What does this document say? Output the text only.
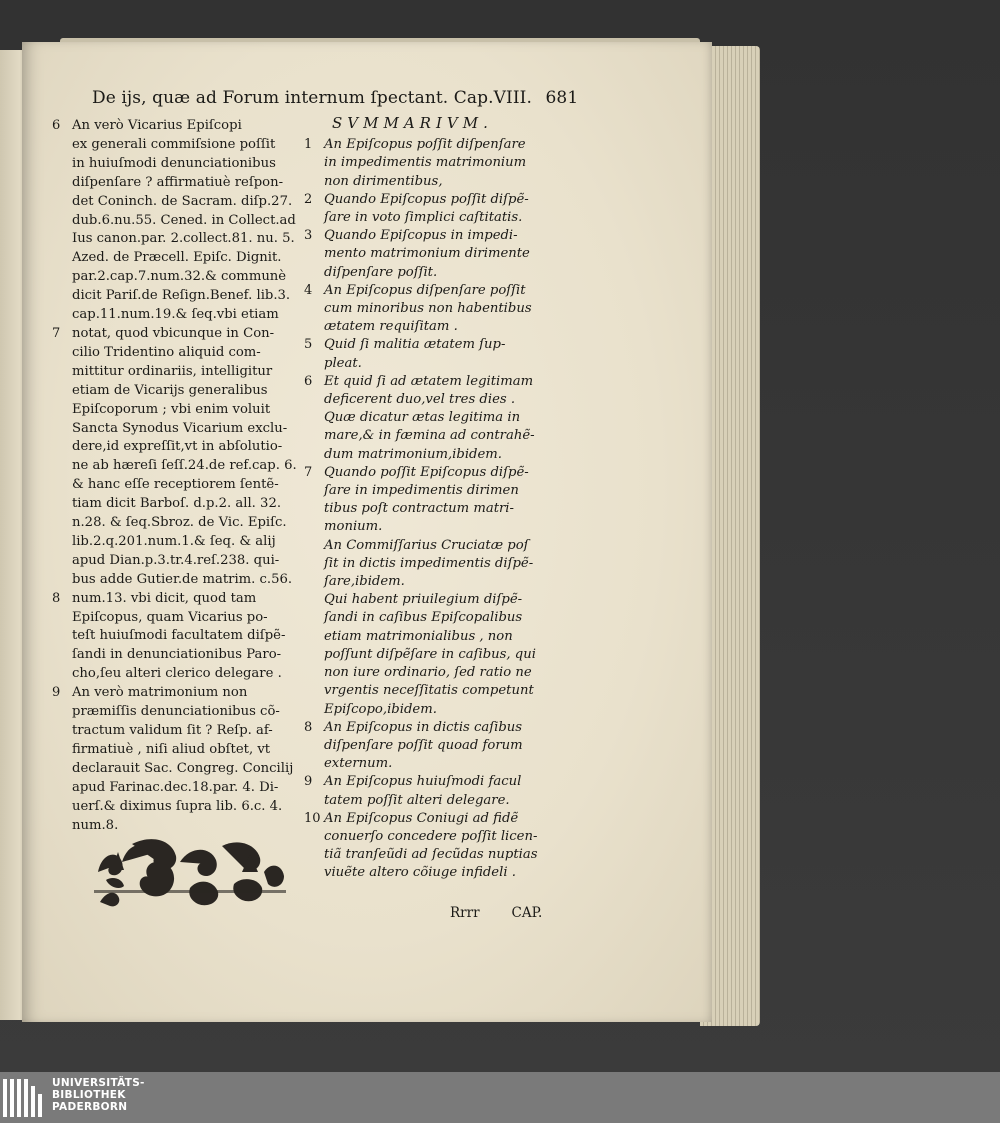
De ijs, quæ ad Forum internum ſpectant. Cap.VIII. 681
6 An verò Vicarius Epiſcopi
ex generali commiſsione poſſit
in huiuſmodi denunciationibus
diſpenſare ? affirmatiuè reſpon-
det Coninch. de Sacram. diſp.27.
dub.6.nu.55. Cened. in Collect.ad
Ius canon.par. 2.collect.81. nu. 5.
Azed. de Præcell. Epiſc. Dignit.
par.2.cap.7.num.32.& communè
dicit Pariſ.de Reſign.Benef. lib.3.
cap.11.num.19.& ſeq.vbi etiam
7 notat, quod vbicunque in Con-
cilio Tridentino aliquid com-
mittitur ordinariis, intelligitur
etiam de Vicarijs generalibus
Epiſcoporum ; vbi enim voluit
Sancta Synodus Vicarium exclu-
dere,id expreſſit,vt in abſolutio-
ne ab hæreſi ſeſſ.24.de ref.cap. 6.
& hanc eſſe receptiorem ſentẽ-
tiam dicit Barboſ. d.p.2. all. 32.
n.28. & ſeq.Sbroz. de Vic. Epiſc.
lib.2.q.201.num.1.& ſeq. & alij
apud Dian.p.3.tr.4.reſ.238. qui-
bus adde Gutier.de matrim. c.56.
8 num.13. vbi dicit, quod tam
Epiſcopus, quam Vicarius po-
teſt huiuſmodi facultatem diſpẽ-
ſandi in denunciationibus Paro-
cho,ſeu alteri clerico delegare .
9 An verò matrimonium non
præmiſſis denunciationibus cõ-
tractum validum ſit ? Reſp. af-
firmatiuè , niſi aliud obſtet, vt
declarauit Sac. Congreg. Concilij
apud Farinac.dec.18.par. 4. Di-
uerſ.& diximus ſupra lib. 6.c. 4.
num.8.
SVMMARIVM.
1 An Epiſcopus poſſit diſpenſare
in impedimentis matrimonium
non dirimentibus,
2 Quando Epiſcopus poſſit diſpẽ-
ſare in voto ſimplici caſtitatis.
3 Quando Epiſcopus in impedi-
mento matrimonium dirimente
diſpenſare poſſit.
4 An Epiſcopus diſpenſare poſſit
cum minoribus non habentibus
ætatem requiſitam .
5 Quid ſi malitia ætatem ſup-
pleat.
6 Et quid ſi ad ætatem legitimam
deficerent duo,vel tres dies .
Quæ dicatur ætas legitima in
mare,& in fæmina ad contrahẽ-
dum matrimonium,ibidem.
7 Quando poſſit Epiſcopus diſpẽ-
ſare in impedimentis dirimen
tibus poſt contractum matri-
monium.
An Commiſſarius Cruciatæ poſ
ſit in dictis impedimentis diſpẽ-
ſare,ibidem.
Qui habent priuilegium diſpẽ-
ſandi in caſibus Epiſcopalibus
etiam matrimonialibus , non
poſſunt diſpẽſare in caſibus, qui
non iure ordinario, ſed ratio ne
vrgentis neceſſitatis competunt
Epiſcopo,ibidem.
8 An Epiſcopus in dictis caſibus
diſpenſare poſſit quoad forum
externum.
9 An Epiſcopus huiuſmodi facul
tatem poſſit alteri delegare.
10 An Epiſcopus Coniugi ad fidẽ
conuerſo concedere poſſit licen-
tiã tranſeũdi ad ſecũdas nuptias
viuẽte altero cõiuge infideli .
Rrrr CAP.
UNIVERSITÄTS-
BIBLIOTHEK
PADERBORN
